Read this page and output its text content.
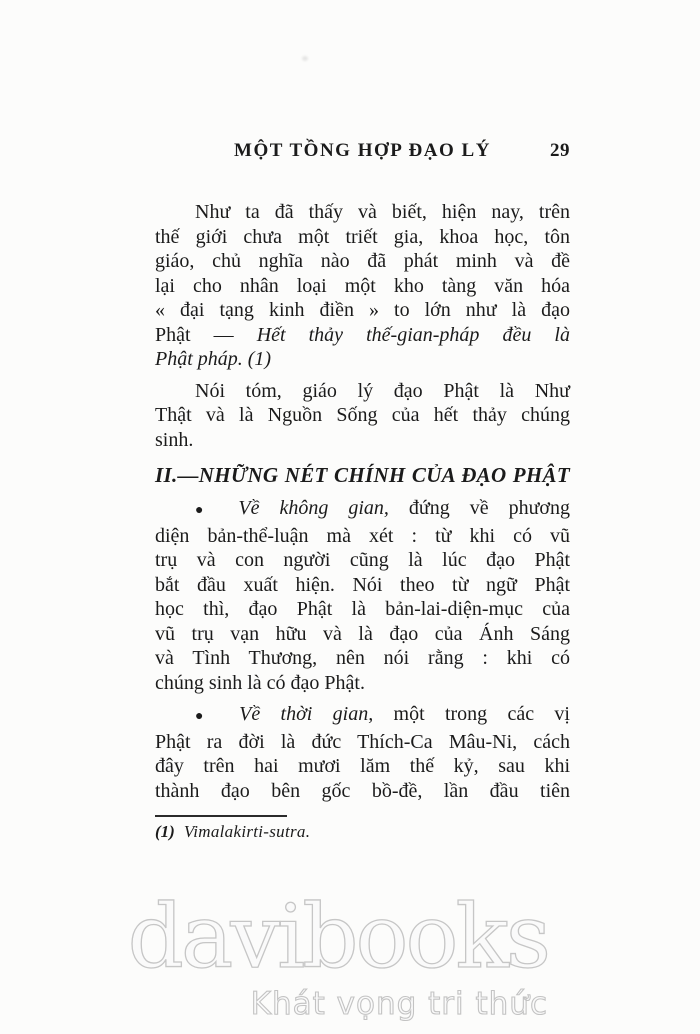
MỘT TỒNG HỢP ĐẠO LÝ	29
Như ta đã thấy và biết, hiện nay, trên
thế giới chưa một triết gia, khoa học, tôn
giáo, chủ nghĩa nào đã phát minh và đề
lại cho nhân loại một kho tàng văn hóa
« đại tạng kinh điền » to lớn như là đạo
Phật — Hết thảy thế-gian-pháp đều là
Phật pháp. (1)
Nói tóm, giáo lý đạo Phật là Như
Thật và là Nguồn Sống của hết thảy chúng
sinh.
II.—NHỮNG NÉT CHÍNH CỦA ĐẠO PHẬT
● Về không gian, đứng về phương
diện bản-thể-luận mà xét : từ khi có vũ
trụ và con người cũng là lúc đạo Phật
bắt đầu xuất hiện. Nói theo từ ngữ Phật
học thì, đạo Phật là bản-lai-diện-mục của
vũ trụ vạn hữu và là đạo của Ánh Sáng
và Tình Thương, nên nói rằng : khi có
chúng sinh là có đạo Phật.
● Về thời gian, một trong các vị
Phật ra đời là đức Thích-Ca Mâu-Ni, cách
đây trên hai mươi lăm thế kỷ, sau khi
thành đạo bên gốc bồ-đề, lần đầu tiên
(1) Vimalakirti-sutra.
davibooks
Khát vọng tri thức
